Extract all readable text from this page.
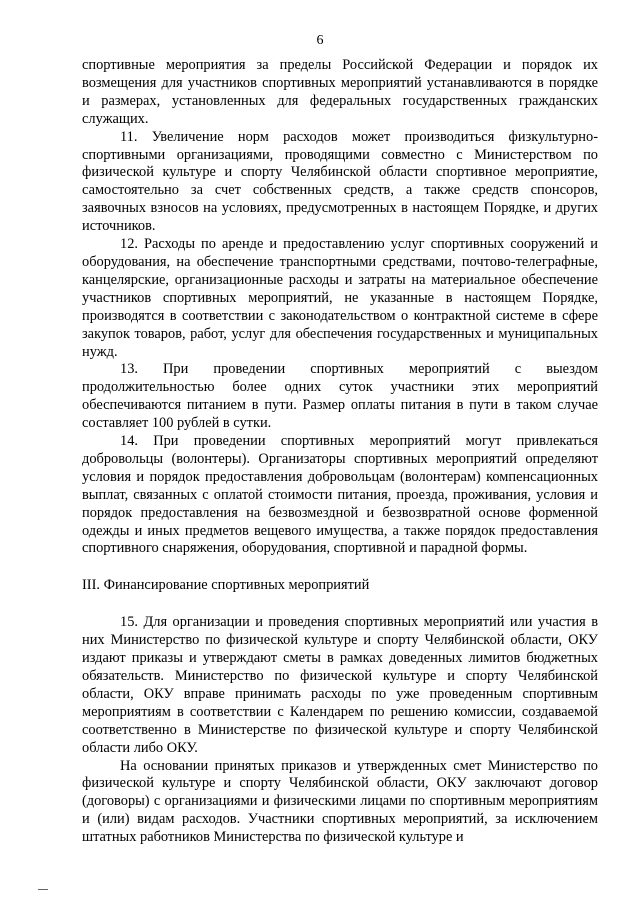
6

спортивные мероприятия за пределы Российской Федерации и порядок их возмещения для участников спортивных мероприятий устанавливаются в порядке и размерах, установленных для федеральных государственных гражданских служащих.

11. Увеличение норм расходов может производиться физкультурно-спортивными организациями, проводящими совместно с Министерством по физической культуре и спорту Челябинской области спортивное мероприятие, самостоятельно за счет собственных средств, а также средств спонсоров, заявочных взносов на условиях, предусмотренных в настоящем Порядке, и других источников.

12. Расходы по аренде и предоставлению услуг спортивных сооружений и оборудования, на обеспечение транспортными средствами, почтово-телеграфные, канцелярские, организационные расходы и затраты на материальное обеспечение участников спортивных мероприятий, не указанные в настоящем Порядке, производятся в соответствии с законодательством о контрактной системе в сфере закупок товаров, работ, услуг для обеспечения государственных и муниципальных нужд.

13. При проведении спортивных мероприятий с выездом продолжительностью более одних суток участники этих мероприятий обеспечиваются питанием в пути. Размер оплаты питания в пути в таком случае составляет 100 рублей в сутки.

14. При проведении спортивных мероприятий могут привлекаться добровольцы (волонтеры). Организаторы спортивных мероприятий определяют условия и порядок предоставления добровольцам (волонтерам) компенсационных выплат, связанных с оплатой стоимости питания, проезда, проживания, условия и порядок предоставления на безвозмездной и безвозвратной основе форменной одежды и иных предметов вещевого имущества, а также порядок предоставления спортивного снаряжения, оборудования, спортивной и парадной формы.

III. Финансирование спортивных мероприятий

15. Для организации и проведения спортивных мероприятий или участия в них Министерство по физической культуре и спорту Челябинской области, ОКУ издают приказы и утверждают сметы в рамках доведенных лимитов бюджетных обязательств. Министерство по физической культуре и спорту Челябинской области, ОКУ вправе принимать расходы по уже проведенным спортивным мероприятиям в соответствии с Календарем по решению комиссии, создаваемой соответственно в Министерстве по физической культуре и спорту Челябинской области либо ОКУ.

На основании принятых приказов и утвержденных смет Министерство по физической культуре и спорту Челябинской области, ОКУ заключают договор (договоры) с организациями и физическими лицами по спортивным мероприятиям и (или) видам расходов. Участники спортивных мероприятий, за исключением штатных работников Министерства по физической культуре и
